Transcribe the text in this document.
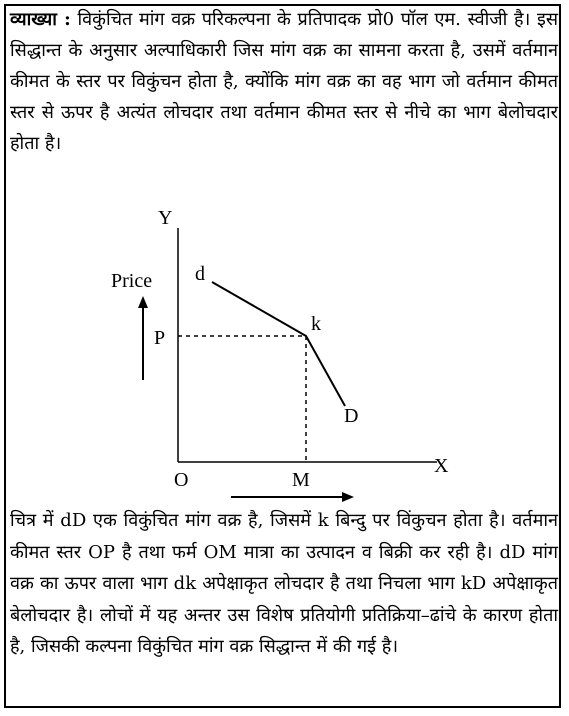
व्याख्या : विकुंचित मांग वक्र परिकल्पना के प्रतिपादक प्रो0 पॉल एम. स्वीजी है। इस सिद्धान्त के अनुसार अल्पाधिकारी जिस मांग वक्र का सामना करता है, उसमें वर्तमान कीमत के स्तर पर विकुंचन होता है, क्योंकि मांग वक्र का वह भाग जो वर्तमान कीमत स्तर से ऊपर है अत्यंत लोचदार तथा वर्तमान कीमत स्तर से नीचे का भाग बेलोचदार होता है।

Y
X
O
Price
P
M
d
k
D

चित्र में dD एक विकुंचित मांग वक्र है, जिसमें k बिन्दु पर विंकुचन होता है। वर्तमान कीमत स्तर OP है तथा फर्म OM मात्रा का उत्पादन व बिक्री कर रही है। dD मांग वक्र का ऊपर वाला भाग dk अपेक्षाकृत लोचदार है तथा निचला भाग kD अपेक्षाकृत बेलोचदार है। लोचों में यह अन्तर उस विशेष प्रतियोगी प्रतिक्रिया–ढांचे के कारण होता है, जिसकी कल्पना विकुंचित मांग वक्र सिद्धान्त में की गई है।
